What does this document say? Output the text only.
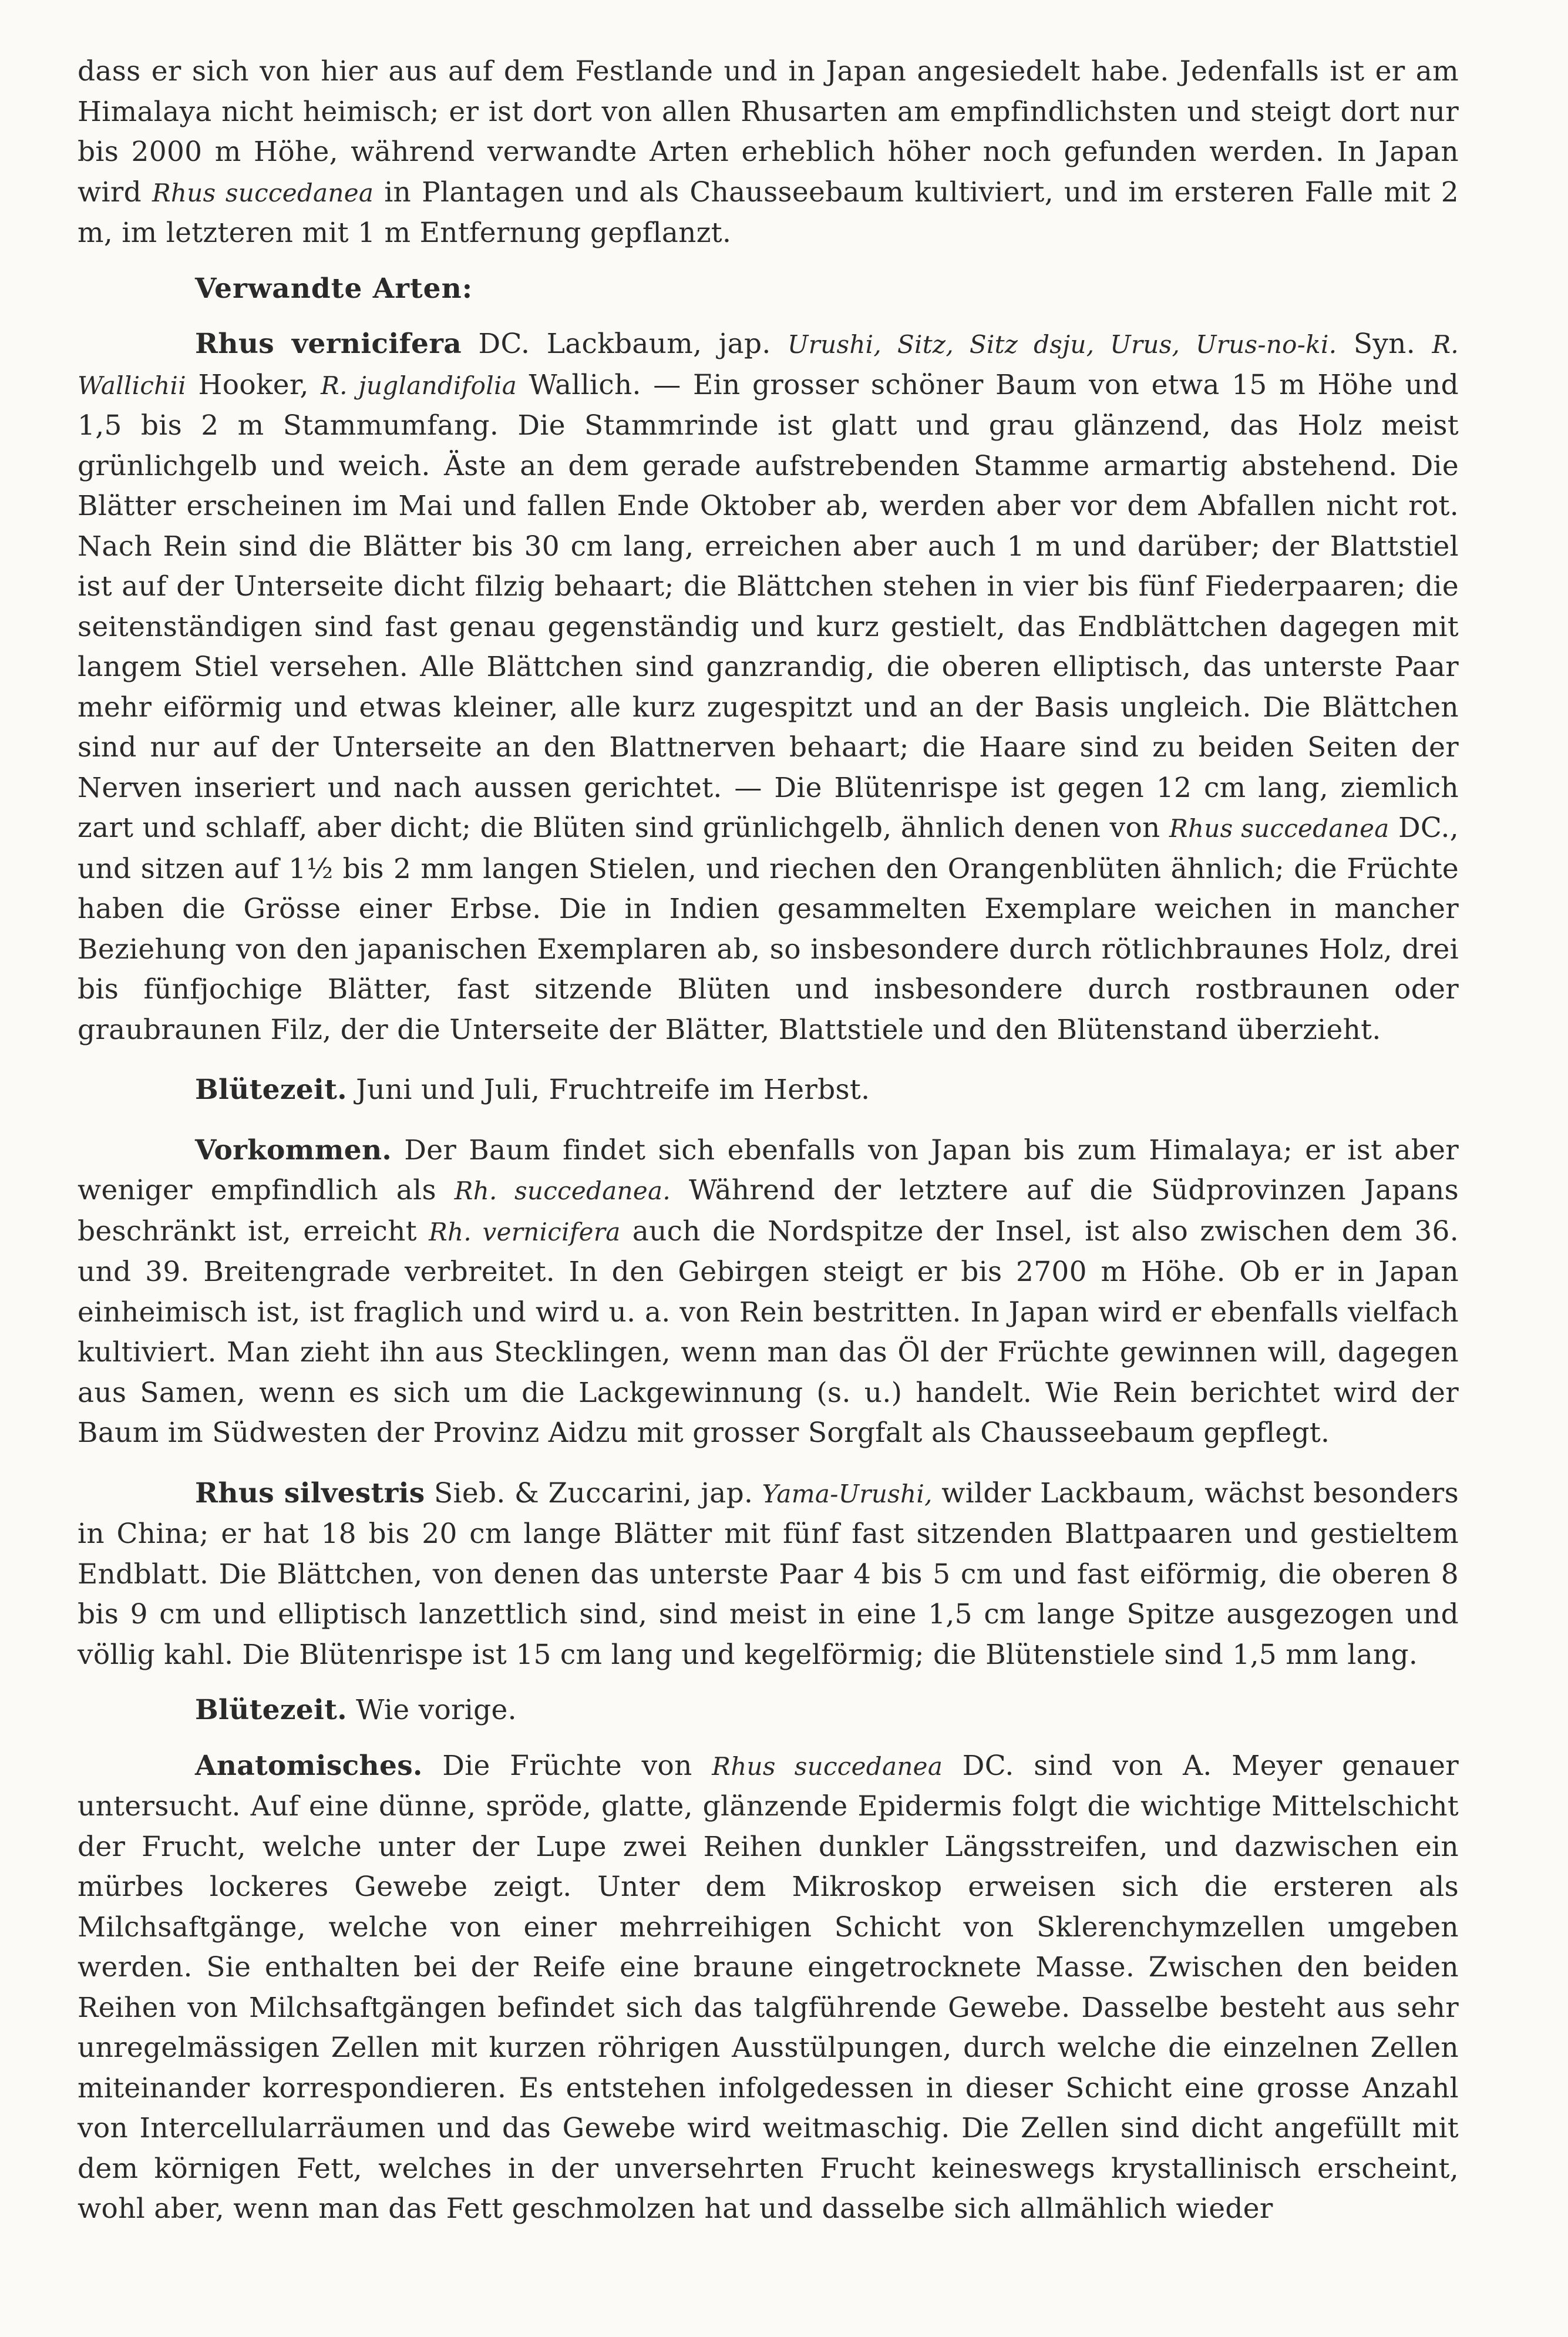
dass er sich von hier aus auf dem Festlande und in Japan angesiedelt habe. Jedenfalls ist er am Himalaya nicht heimisch; er ist dort von allen Rhusarten am empfindlichsten und steigt dort nur bis 2000 m Höhe, während verwandte Arten erheblich höher noch gefunden werden. In Japan wird Rhus succedanea in Plantagen und als Chausseebaum kultiviert, und im ersteren Falle mit 2 m, im letzteren mit 1 m Entfernung gepflanzt.

Verwandte Arten:

Rhus vernicifera DC. Lackbaum, jap. Urushi, Sitz, Sitz dsju, Urus, Urus-no-ki. Syn. R. Wallichii Hooker, R. juglandifolia Wallich. — Ein grosser schöner Baum von etwa 15 m Höhe und 1,5 bis 2 m Stammumfang. Die Stammrinde ist glatt und grau glänzend, das Holz meist grünlichgelb und weich. Äste an dem gerade aufstrebenden Stamme armartig abstehend. Die Blätter erscheinen im Mai und fallen Ende Oktober ab, werden aber vor dem Abfallen nicht rot. Nach Rein sind die Blätter bis 30 cm lang, erreichen aber auch 1 m und darüber; der Blattstiel ist auf der Unterseite dicht filzig behaart; die Blättchen stehen in vier bis fünf Fiederpaaren; die seitenständigen sind fast genau gegenständig und kurz gestielt, das Endblättchen dagegen mit langem Stiel versehen. Alle Blättchen sind ganzrandig, die oberen elliptisch, das unterste Paar mehr eiförmig und etwas kleiner, alle kurz zugespitzt und an der Basis ungleich. Die Blättchen sind nur auf der Unterseite an den Blattnerven behaart; die Haare sind zu beiden Seiten der Nerven inseriert und nach aussen gerichtet. — Die Blütenrispe ist gegen 12 cm lang, ziemlich zart und schlaff, aber dicht; die Blüten sind grünlichgelb, ähnlich denen von Rhus succedanea DC., und sitzen auf 1½ bis 2 mm langen Stielen, und riechen den Orangenblüten ähnlich; die Früchte haben die Grösse einer Erbse. Die in Indien gesammelten Exemplare weichen in mancher Beziehung von den japanischen Exemplaren ab, so insbesondere durch rötlichbraunes Holz, drei bis fünfjochige Blätter, fast sitzende Blüten und insbesondere durch rostbraunen oder graubraunen Filz, der die Unterseite der Blätter, Blattstiele und den Blütenstand überzieht.

Blütezeit. Juni und Juli, Fruchtreife im Herbst.

Vorkommen. Der Baum findet sich ebenfalls von Japan bis zum Himalaya; er ist aber weniger empfindlich als Rh. succedanea. Während der letztere auf die Südprovinzen Japans beschränkt ist, erreicht Rh. vernicifera auch die Nordspitze der Insel, ist also zwischen dem 36. und 39. Breitengrade verbreitet. In den Gebirgen steigt er bis 2700 m Höhe. Ob er in Japan einheimisch ist, ist fraglich und wird u. a. von Rein bestritten. In Japan wird er ebenfalls vielfach kultiviert. Man zieht ihn aus Stecklingen, wenn man das Öl der Früchte gewinnen will, dagegen aus Samen, wenn es sich um die Lackgewinnung (s. u.) handelt. Wie Rein berichtet wird der Baum im Südwesten der Provinz Aidzu mit grosser Sorgfalt als Chausseebaum gepflegt.

Rhus silvestris Sieb. & Zuccarini, jap. Yama-Urushi, wilder Lackbaum, wächst besonders in China; er hat 18 bis 20 cm lange Blätter mit fünf fast sitzenden Blattpaaren und gestieltem Endblatt. Die Blättchen, von denen das unterste Paar 4 bis 5 cm und fast eiförmig, die oberen 8 bis 9 cm und elliptisch lanzettlich sind, sind meist in eine 1,5 cm lange Spitze ausgezogen und völlig kahl. Die Blütenrispe ist 15 cm lang und kegelförmig; die Blütenstiele sind 1,5 mm lang.

Blütezeit. Wie vorige.

Anatomisches. Die Früchte von Rhus succedanea DC. sind von A. Meyer genauer untersucht. Auf eine dünne, spröde, glatte, glänzende Epidermis folgt die wichtige Mittelschicht der Frucht, welche unter der Lupe zwei Reihen dunkler Längsstreifen, und dazwischen ein mürbes lockeres Gewebe zeigt. Unter dem Mikroskop erweisen sich die ersteren als Milchsaftgänge, welche von einer mehrreihigen Schicht von Sklerenchymzellen umgeben werden. Sie enthalten bei der Reife eine braune eingetrocknete Masse. Zwischen den beiden Reihen von Milchsaftgängen befindet sich das talgführende Gewebe. Dasselbe besteht aus sehr unregelmässigen Zellen mit kurzen röhrigen Ausstülpungen, durch welche die einzelnen Zellen miteinander korrespondieren. Es entstehen infolgedessen in dieser Schicht eine grosse Anzahl von Intercellularräumen und das Gewebe wird weitmaschig. Die Zellen sind dicht angefüllt mit dem körnigen Fett, welches in der unversehrten Frucht keineswegs krystallinisch erscheint, wohl aber, wenn man das Fett geschmolzen hat und dasselbe sich allmählich wieder
